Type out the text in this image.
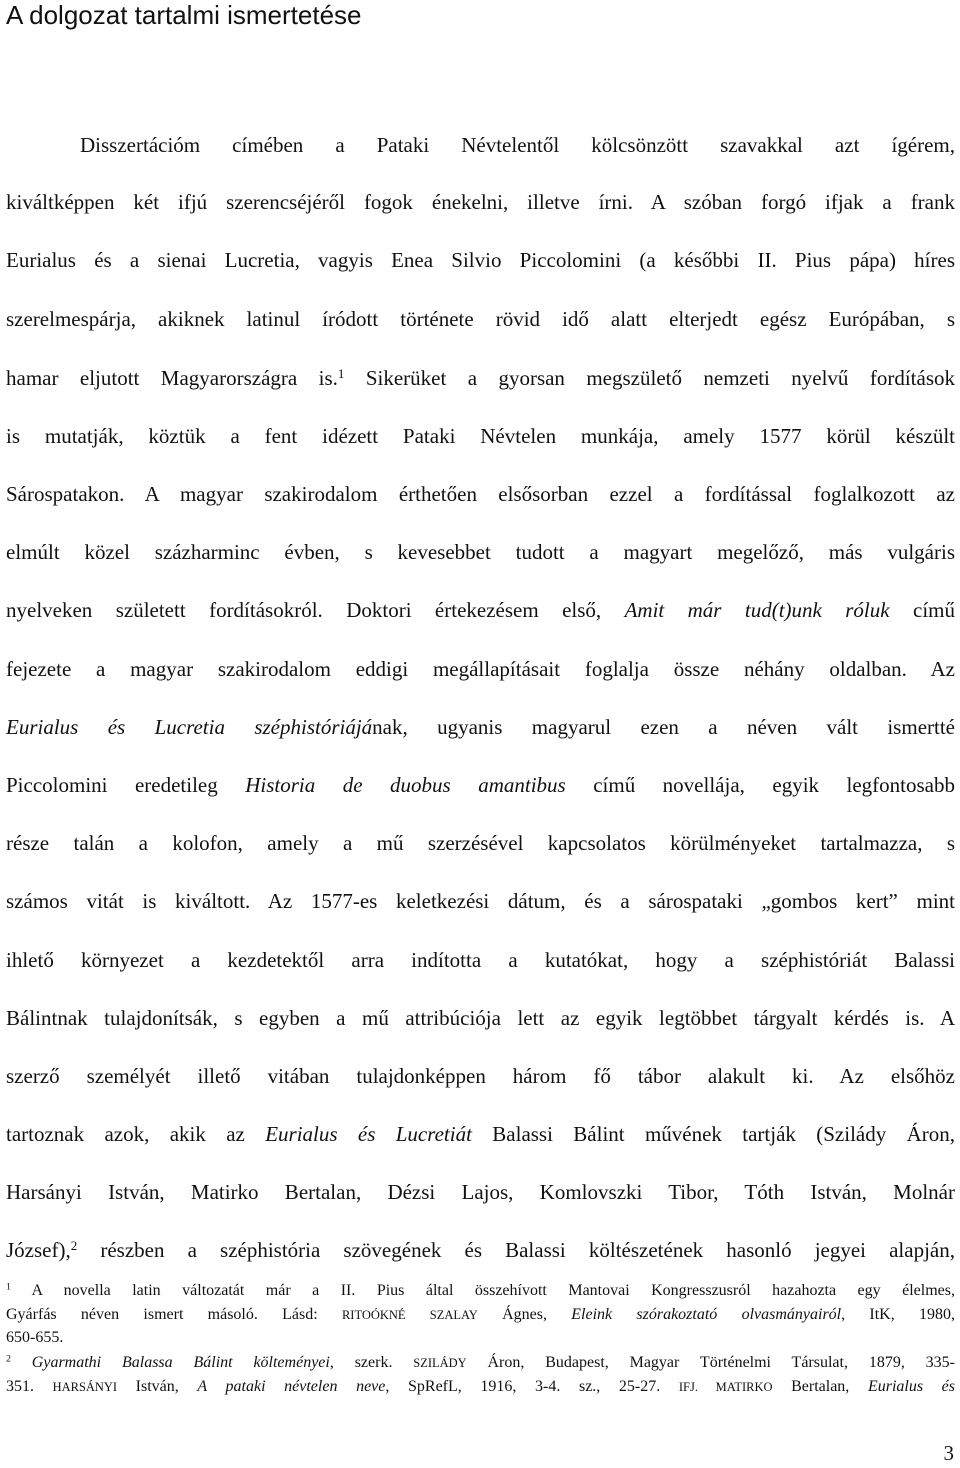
A dolgozat tartalmi ismertetése
Disszertációm címében a Pataki Névtelentől kölcsönzött szavakkal azt ígérem,
kiváltképpen két ifjú szerencséjéről fogok énekelni, illetve írni. A szóban forgó ifjak a frank
Eurialus és a sienai Lucretia, vagyis Enea Silvio Piccolomini (a későbbi II. Pius pápa) híres
szerelmespárja, akiknek latinul íródott története rövid idő alatt elterjedt egész Európában, s
hamar eljutott Magyarországra is.$^1$ Sikerüket a gyorsan megszülető nemzeti nyelvű fordítások
is mutatják, köztük a fent idézett Pataki Névtelen munkája, amely 1577 körül készült
Sárospatakon. A magyar szakirodalom érthetően elsősorban ezzel a fordítással foglalkozott az
elmúlt közel százharminc évben, s kevesebbet tudott a magyart megelőző, más vulgáris
nyelveken született fordításokról. Doktori értekezésem első, Amit már tud(t)unk róluk című
fejezete a magyar szakirodalom eddigi megállapításait foglalja össze néhány oldalban. Az
Eurialus és Lucretia széphistóriájának, ugyanis magyarul ezen a néven vált ismertté
Piccolomini eredetileg Historia de duobus amantibus című novellája, egyik legfontosabb
része talán a kolofon, amely a mű szerzésével kapcsolatos körülményeket tartalmazza, s
számos vitát is kiváltott. Az 1577-es keletkezési dátum, és a sárospataki „gombos kert” mint
ihlető környezet a kezdetektől arra indította a kutatókat, hogy a széphistóriát Balassi
Bálintnak tulajdonítsák, s egyben a mű attribúciója lett az egyik legtöbbet tárgyalt kérdés is. A
szerző személyét illető vitában tulajdonképpen három fő tábor alakult ki. Az elsőhöz
tartoznak azok, akik az Eurialus és Lucretiát Balassi Bálint művének tartják (Szilády Áron,
Harsányi István, Matirko Bertalan, Dézsi Lajos, Komlovszki Tibor, Tóth István, Molnár
József),$^2$ részben a széphistória szövegének és Balassi költészetének hasonló jegyei alapján,
$^1$ A novella latin változatát már a II. Pius által összehívott Mantovai Kongresszusról hazahozta egy élelmes,
Gyárfás néven ismert másoló. Lásd: RITOÓKNÉ SZALAY Ágnes, Eleink szórakoztató olvasmányairól, ItK, 1980,
650-655.
$^2$ Gyarmathi Balassa Bálint költeményei, szerk. SZILÁDY Áron, Budapest, Magyar Történelmi Társulat, 1879, 335-
351. HARSÁNYI István, A pataki névtelen neve, SpRefL, 1916, 3-4. sz., 25-27. IFJ. MATIRKO Bertalan, Eurialus és
3
